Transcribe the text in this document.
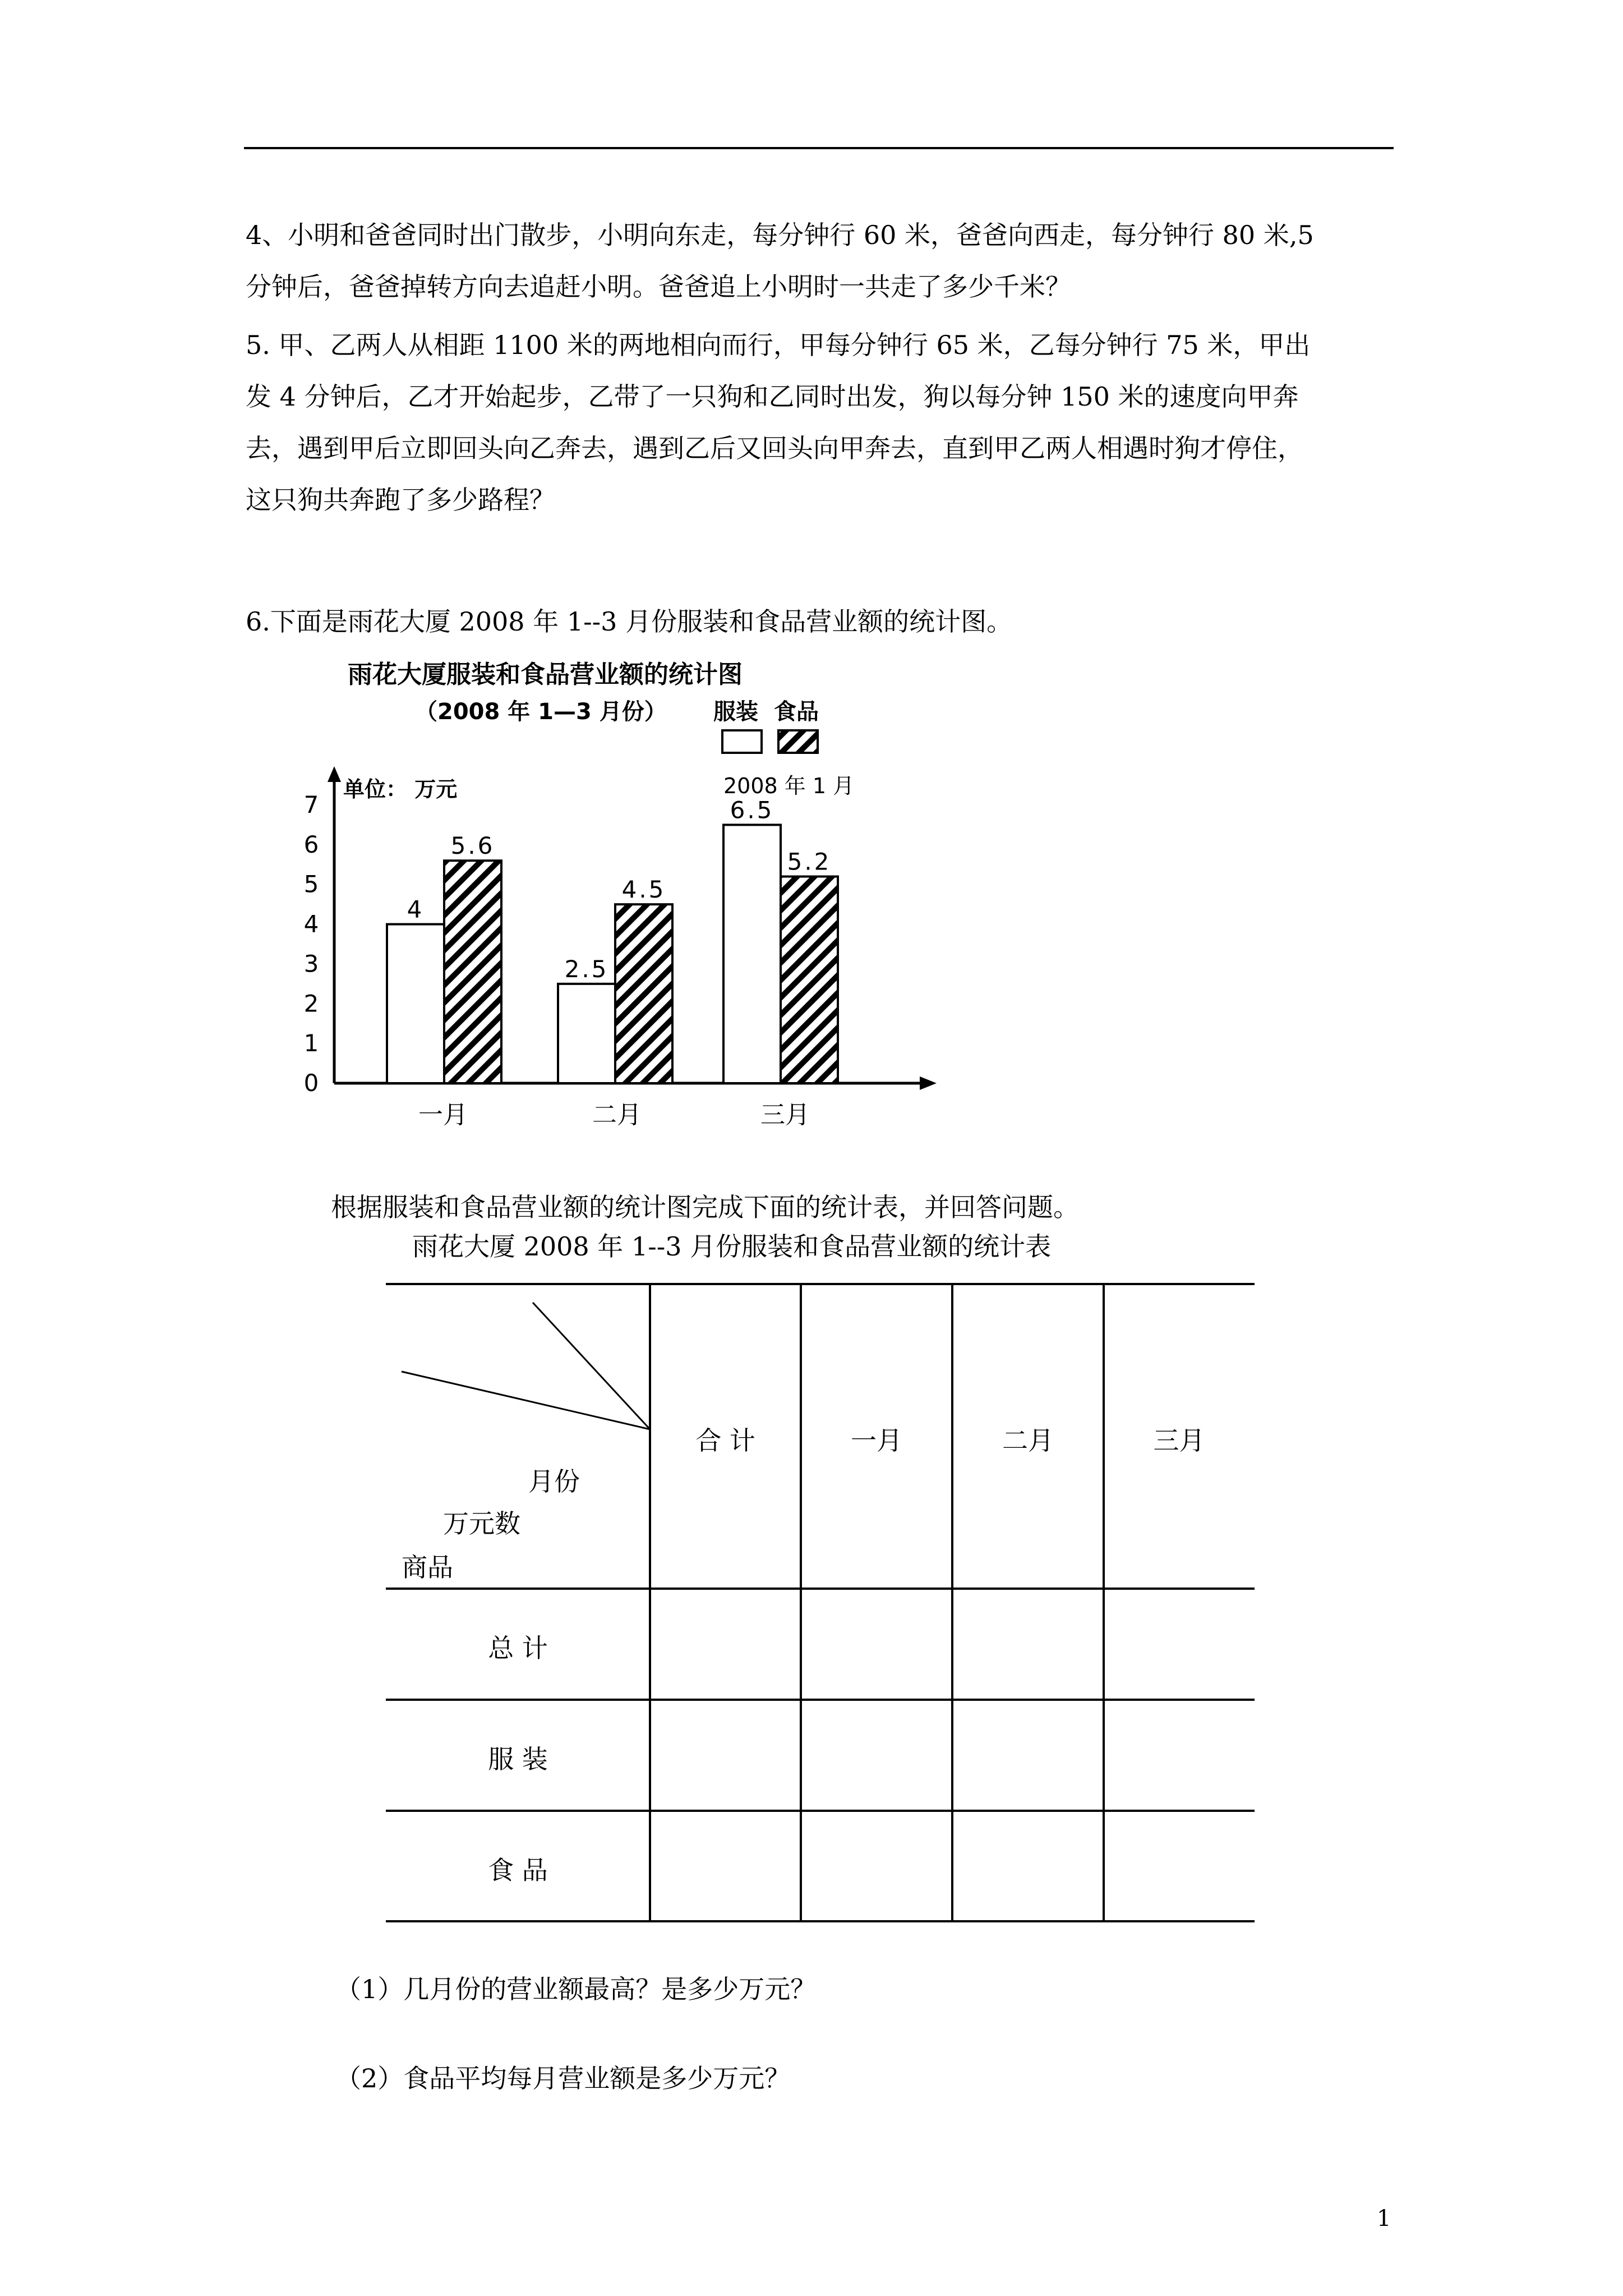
4、小明和爸爸同时出门散步，小明向东走，每分钟行 60 米，爸爸向西走，每分钟行 80 米,5
分钟后，爸爸掉转方向去追赶小明。爸爸追上小明时一共走了多少千米？
5. 甲、乙两人从相距 1100 米的两地相向而行，甲每分钟行 65 米，乙每分钟行 75 米，甲出
发 4 分钟后，乙才开始起步，乙带了一只狗和乙同时出发，狗以每分钟 150 米的速度向甲奔
去，遇到甲后立即回头向乙奔去，遇到乙后又回头向甲奔去，直到甲乙两人相遇时狗才停住，
这只狗共奔跑了多少路程？
6.下面是雨花大厦 2008 年 1--3 月份服装和食品营业额的统计图。
雨花大厦服装和食品营业额的统计图
（2008 年 1—3 月份） 服装 食品
2008 年 1 月
单位： 万元
0
1
2
3
4
5
6
7
4
5.6
2.5
4.5
6.5
5.2
一月	二月	三月
根据服装和食品营业额的统计图完成下面的统计表，并回答问题。
雨花大厦 2008 年 1--3 月份服装和食品营业额的统计表
月份
万元数
商品
合 计	一月	二月	三月
总 计
服 装
食 品
（1）几月份的营业额最高？是多少万元？
（2）食品平均每月营业额是多少万元？
1
